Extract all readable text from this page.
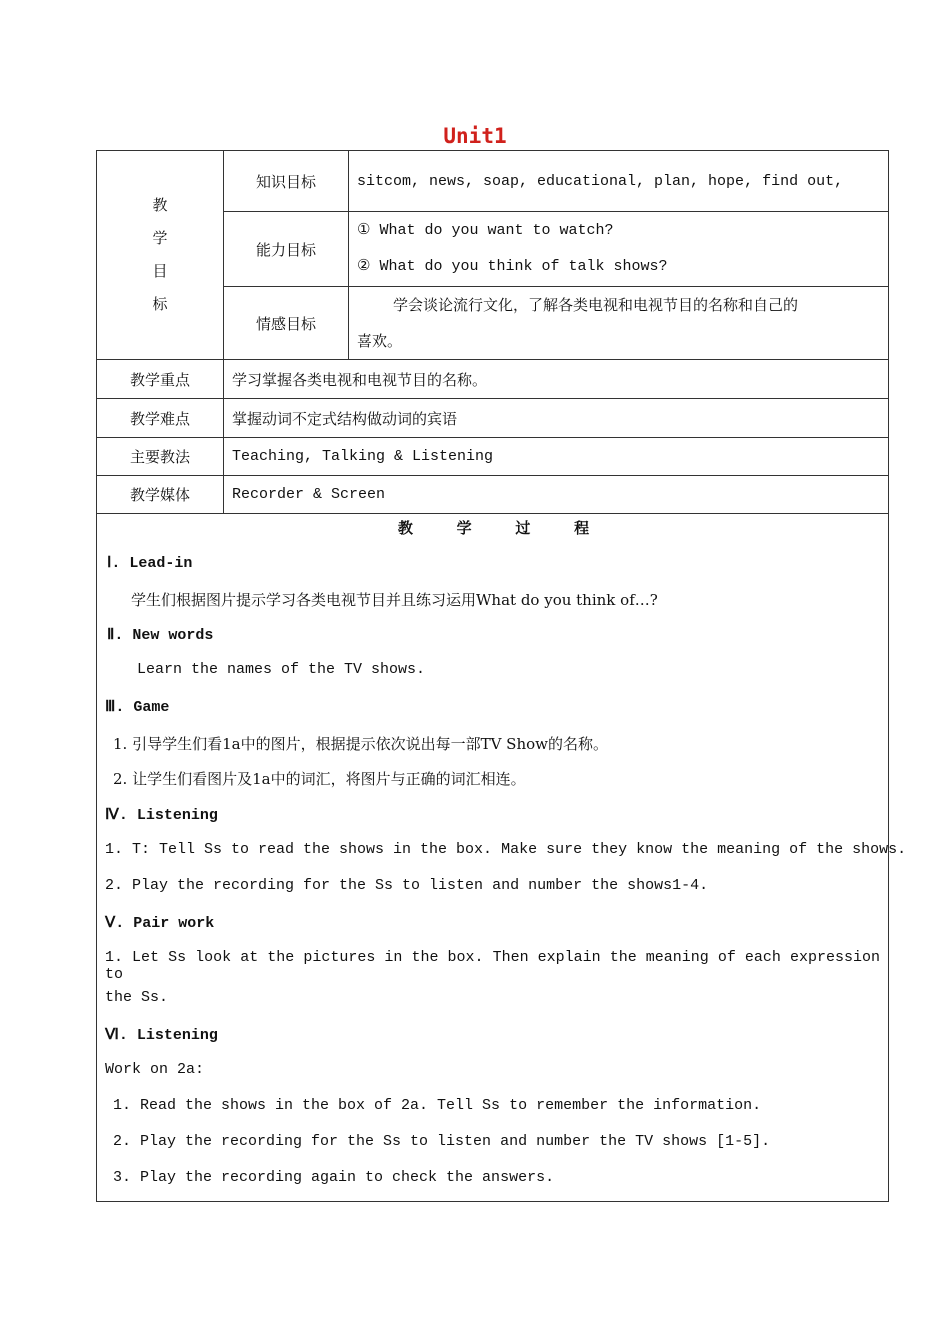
Unit1
教
学
目
标	知识目标	sitcom, news, soap, educational, plan, hope, find out,
	能力目标	① What do you want to watch?
② What do you think of talk shows?

	情感目标	学会谈论流行文化，了解各类电视和电视节目的名称和自己的
喜欢。

教学重点	学习掌握各类电视和电视节目的名称。	
教学难点	掌握动词不定式结构做动词的宾语	
主要教法	Teaching, Talking & Listening	
教学媒体	Recorder & Screen	
教	学	过	程
Ⅰ. Lead-in
学生们根据图片提示学习各类电视节目并且练习运用What do you think of…?
Ⅱ. New words
Learn the names of the TV shows.
Ⅲ. Game
1. 引导学生们看1a中的图片，根据提示依次说出每一部TV Show的名称。
2. 让学生们看图片及1a中的词汇，将图片与正确的词汇相连。
Ⅳ. Listening
1. T: Tell Ss to read the shows in the box. Make sure they know the meaning of the shows.
2. Play the recording for the Ss to listen and number the shows1-4.
Ⅴ. Pair work
1. Let Ss look at the pictures in the box. Then explain the meaning of each expression to
the Ss.
Ⅵ. Listening
Work on 2a:
1. Read the shows in the box of 2a. Tell Ss to remember the information.
2. Play the recording for the Ss to listen and number the TV shows [1-5].
3. Play the recording again to check the answers.
